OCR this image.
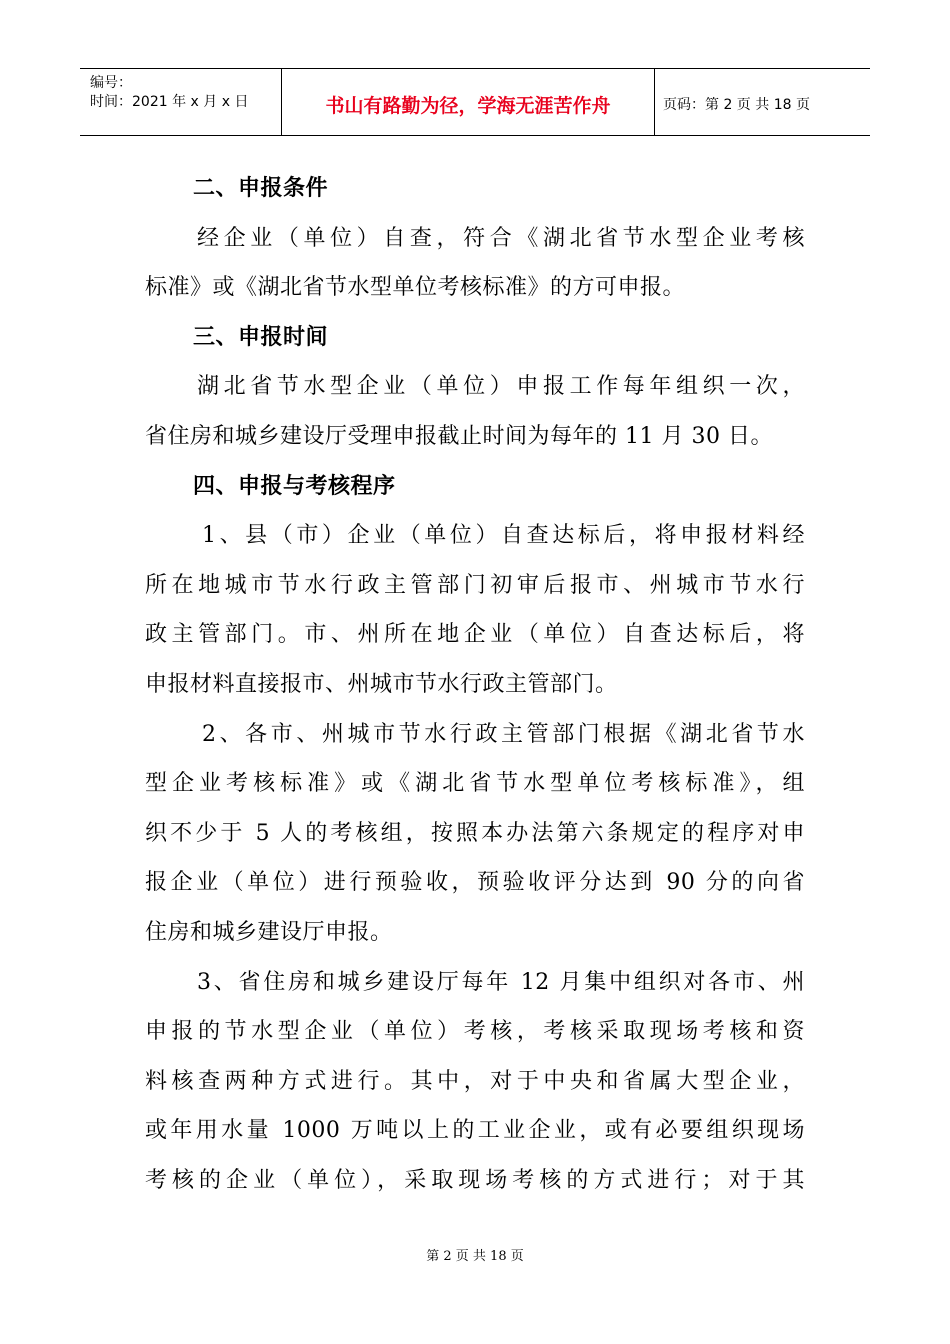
编号：
时间：2021 年 x 月 x 日	书山有路勤为径，学海无涯苦作舟	页码：第 2 页 共 18 页
二、申报条件
经企业（单位）自查，符合《湖北省节水型企业考核
标准》或《湖北省节水型单位考核标准》的方可申报。
三、申报时间
湖北省节水型企业（单位）申报工作每年组织一次，
省住房和城乡建设厅受理申报截止时间为每年的 11 月 30 日。
四、申报与考核程序
1、县（市）企业（单位）自查达标后，将申报材料经
所在地城市节水行政主管部门初审后报市、州城市节水行
政主管部门。市、州所在地企业（单位）自查达标后，将
申报材料直接报市、州城市节水行政主管部门。
2、各市、州城市节水行政主管部门根据《湖北省节水
型企业考核标准》或《湖北省节水型单位考核标准》，组
织不少于 5 人的考核组，按照本办法第六条规定的程序对申
报企业（单位）进行预验收，预验收评分达到 90 分的向省
住房和城乡建设厅申报。
3、省住房和城乡建设厅每年 12 月集中组织对各市、州
申报的节水型企业（单位）考核，考核采取现场考核和资
料核查两种方式进行。其中，对于中央和省属大型企业，
或年用水量 1000 万吨以上的工业企业，或有必要组织现场
考核的企业（单位），采取现场考核的方式进行；对于其
第 2 页 共 18 页
